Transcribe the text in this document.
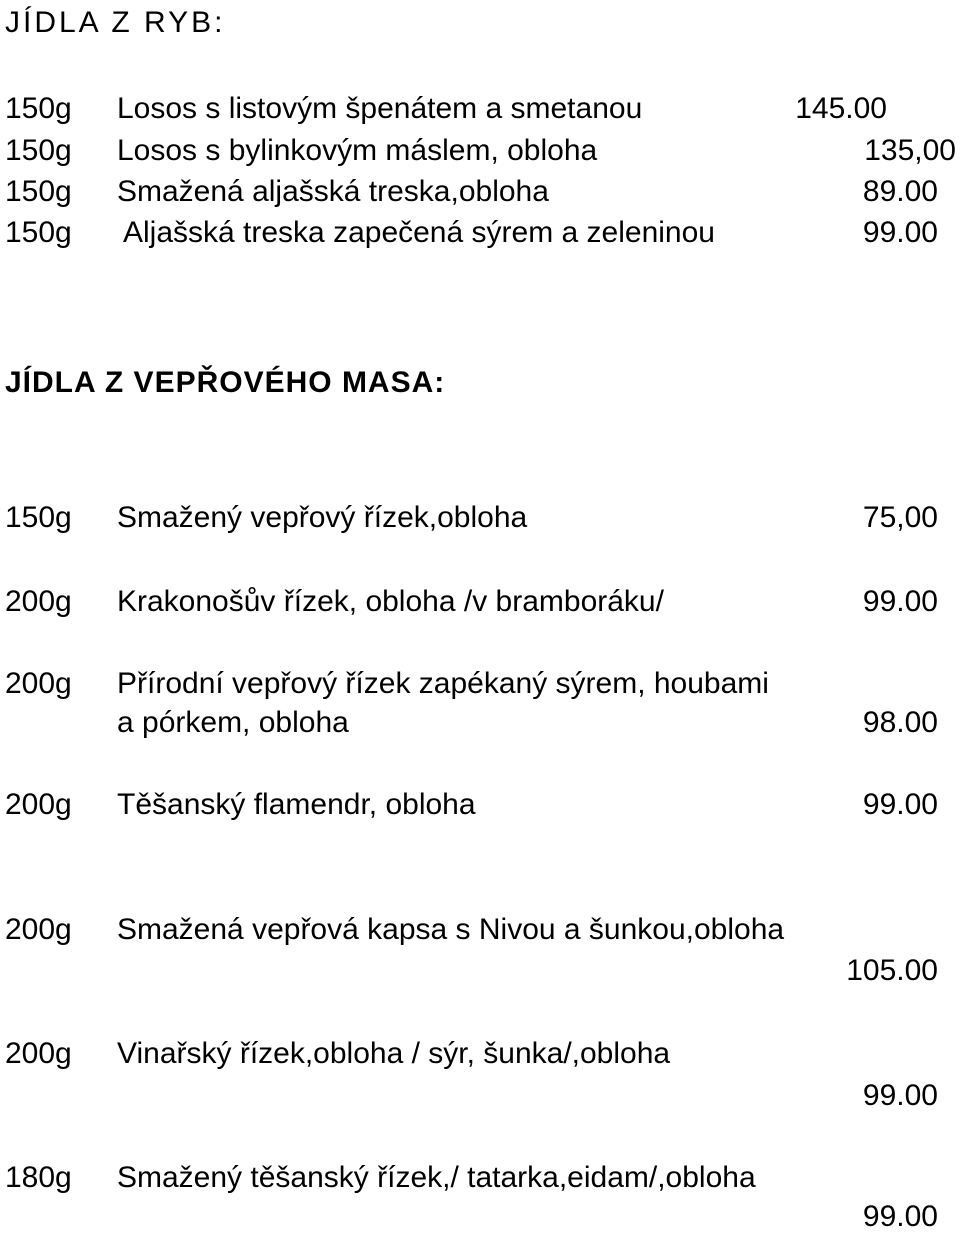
JÍDLA Z RYB:
150g Losos s listovým špenátem a smetanou	145.00
150g Losos s bylinkovým máslem, obloha	135,00
150g Smažená aljašská treska,obloha	89.00
150g Aljašská treska zapečená sýrem a zeleninou	99.00
JÍDLA Z VEPŘOVÉHO MASA:
150g Smažený vepřový řízek,obloha	75,00
200g Krakonošův řízek, obloha /v bramboráku/	99.00
200g Přírodní vepřový řízek zapékaný sýrem, houbami
a pórkem, obloha	98.00
200g Těšanský flamendr, obloha	99.00
200g Smažená vepřová kapsa s Nivou a šunkou,obloha
105.00
200g Vinařský řízek,obloha / sýr, šunka/,obloha
99.00
180g Smažený těšanský řízek,/ tatarka,eidam/,obloha
99.00
